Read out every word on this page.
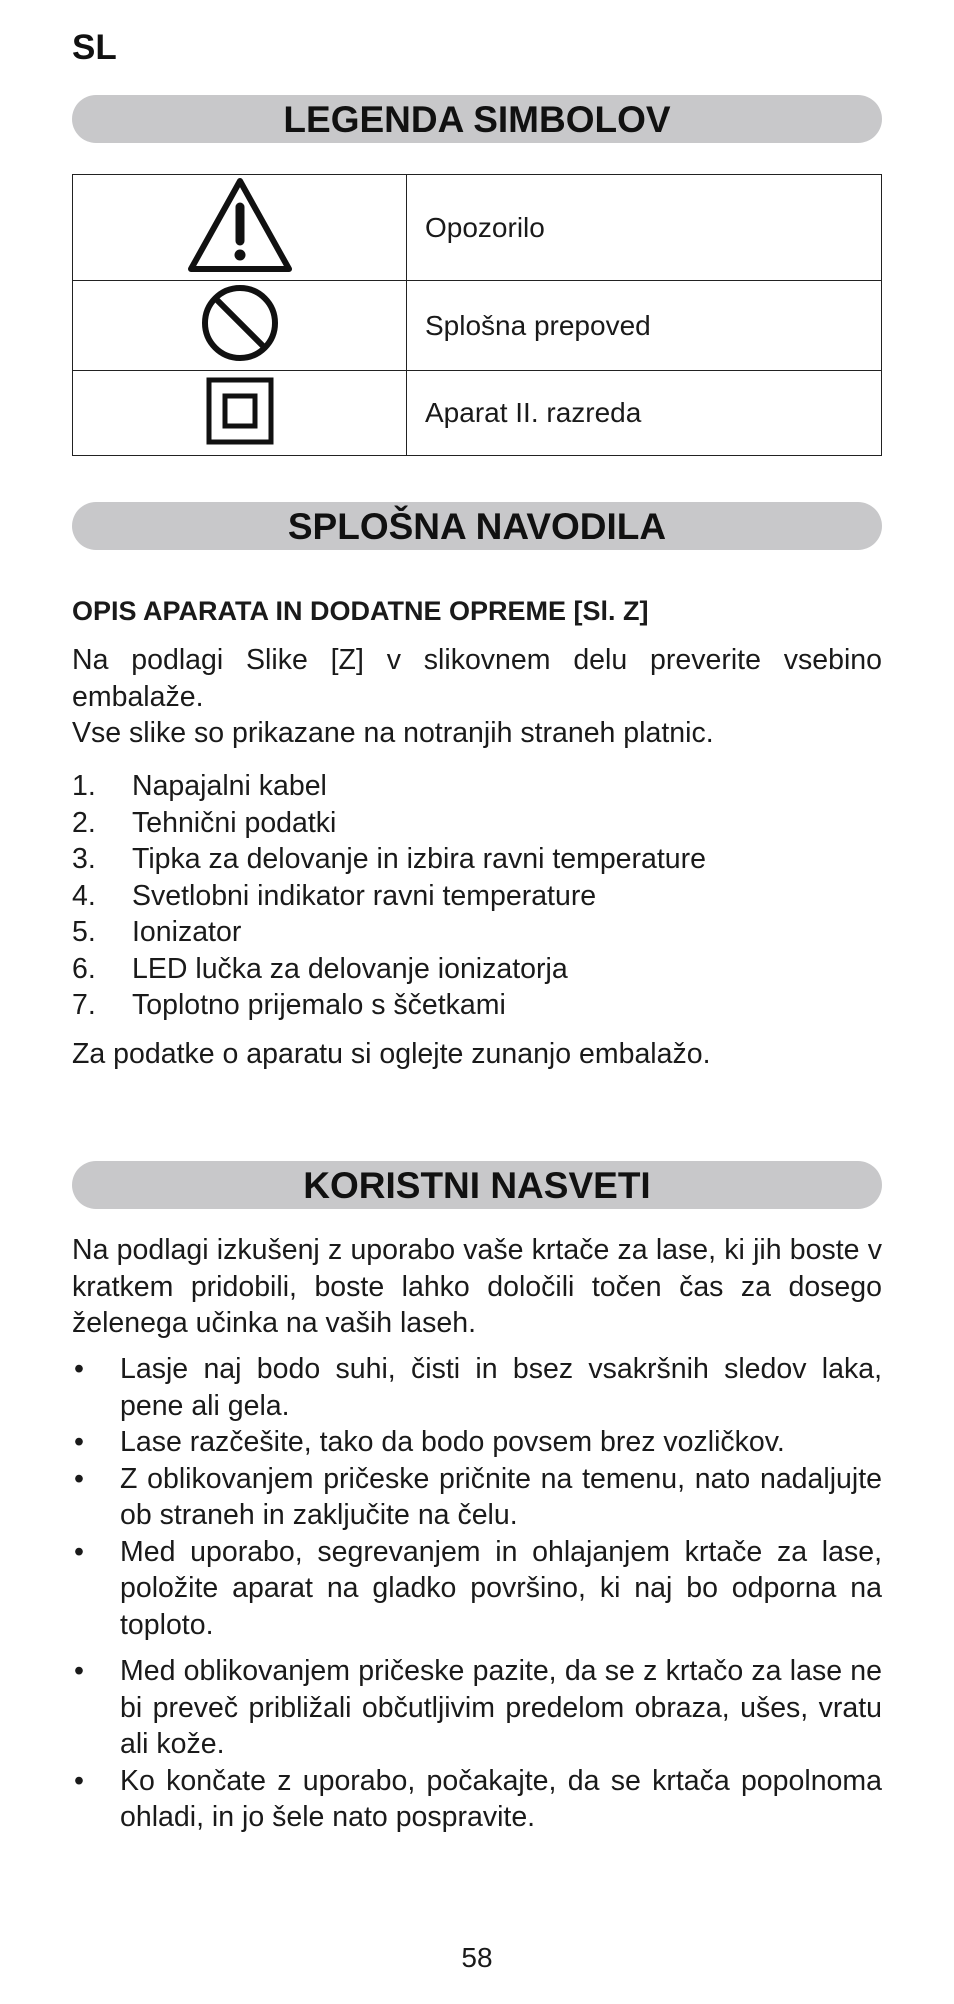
SL
LEGENDA SIMBOLOV
	Opozorilo
	Splošna prepoved
	Aparat II. razreda
SPLOŠNA NAVODILA
OPIS APARATA IN DODATNE OPREME [Sl. Z]
Na podlagi Slike [Z] v slikovnem delu preverite vsebino embalaže.
Vse slike so prikazane na notranjih straneh platnic.
1. Napajalni kabel
2. Tehnični podatki
3. Tipka za delovanje in izbira ravni temperature
4. Svetlobni indikator ravni temperature
5. Ionizator
6. LED lučka za delovanje ionizatorja
7. Toplotno prijemalo s ščetkami
Za podatke o aparatu si oglejte zunanjo embalažo.
KORISTNI NASVETI
Na podlagi izkušenj z uporabo vaše krtače za lase, ki jih boste v kratkem pridobili, boste lahko določili točen čas za dosego želenega učinka na vaših laseh.
• Lasje naj bodo suhi, čisti in bsez vsakršnih sledov laka, pene ali gela.
• Lase razčešite, tako da bodo povsem brez vozličkov.
• Z oblikovanjem pričeske pričnite na temenu, nato nadaljujte ob straneh in zaključite na čelu.
• Med uporabo, segrevanjem in ohlajanjem krtače za lase, položite aparat na gladko površino, ki naj bo odporna na toploto.
• Med oblikovanjem pričeske pazite, da se z krtačo za lase ne bi preveč približali občutljivim predelom obraza, ušes, vratu ali kože.
• Ko končate z uporabo, počakajte, da se krtača popolnoma ohladi, in jo šele nato pospravite.
58
